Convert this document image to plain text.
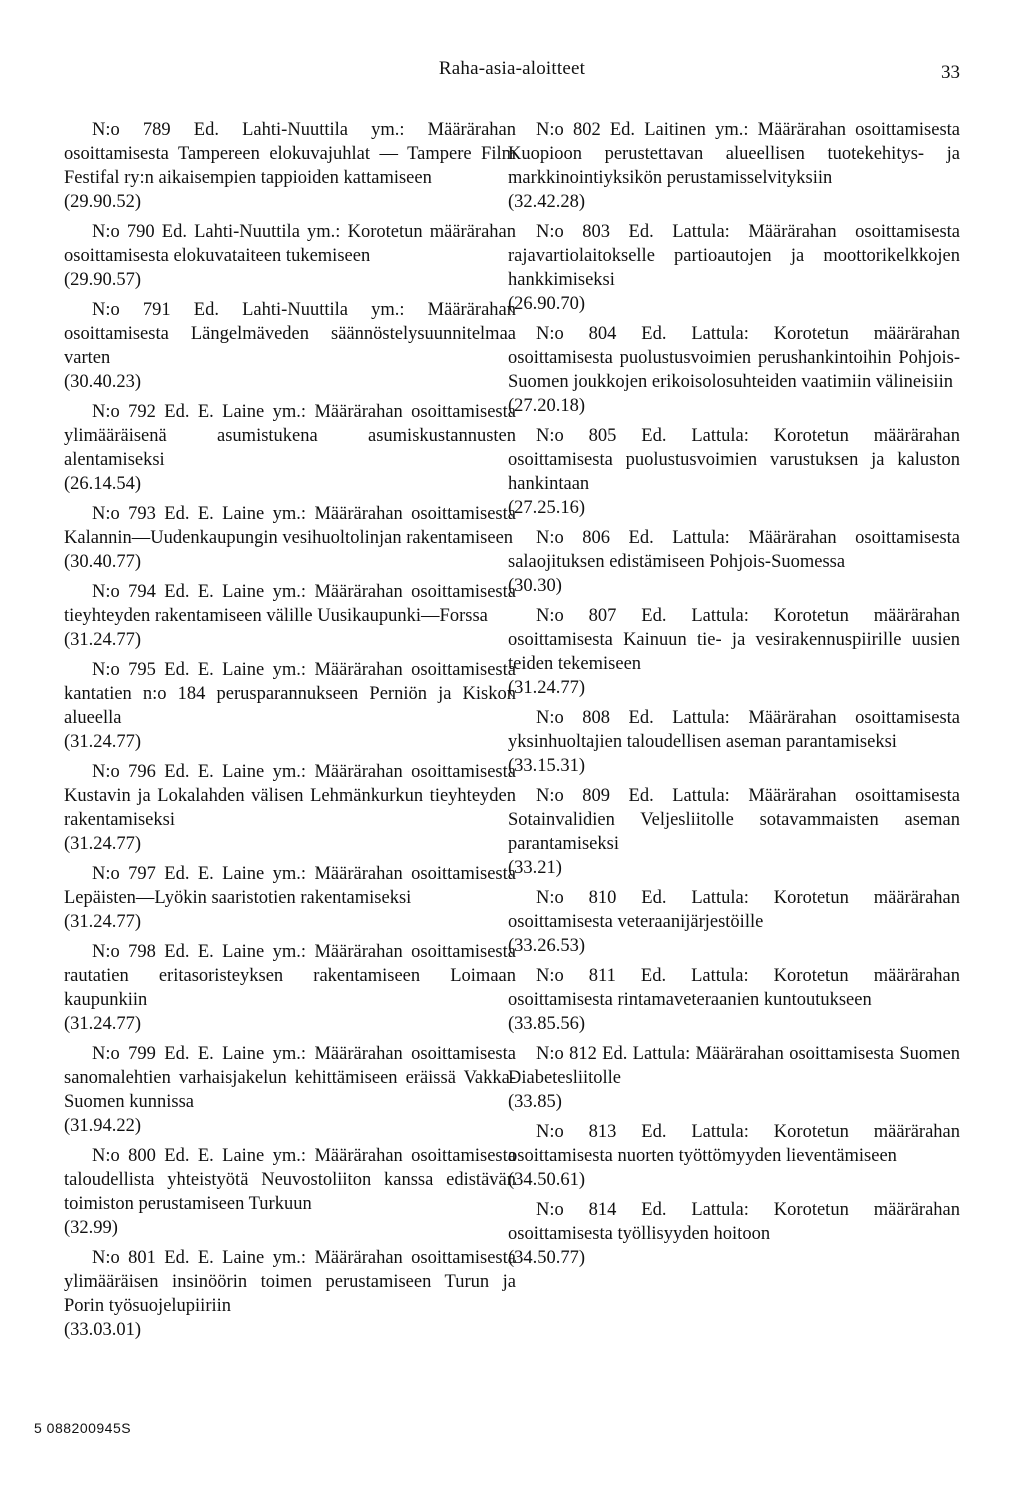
Raha-asia-aloitteet	33
N:o 789 Ed. Lahti-Nuuttila ym.: Määrärahan osoittamisesta Tampereen elokuvajuhlat — Tampere Film Festifal ry:n aikaisempien tappioiden kattamiseen
(29.90.52)
N:o 790 Ed. Lahti-Nuuttila ym.: Korotetun määrärahan osoittamisesta elokuvataiteen tukemiseen
(29.90.57)
N:o 791 Ed. Lahti-Nuuttila ym.: Määrärahan osoittamisesta Längelmäveden säännöstelysuunnitelmaa varten
(30.40.23)
N:o 792 Ed. E. Laine ym.: Määrärahan osoittamisesta ylimääräisenä asumistukena asumiskustannusten alentamiseksi
(26.14.54)
N:o 793 Ed. E. Laine ym.: Määrärahan osoittamisesta Kalannin—Uudenkaupungin vesihuoltolinjan rakentamiseen
(30.40.77)
N:o 794 Ed. E. Laine ym.: Määrärahan osoittamisesta tieyhteyden rakentamiseen välille Uusikaupunki—Forssa
(31.24.77)
N:o 795 Ed. E. Laine ym.: Määrärahan osoittamisesta kantatien n:o 184 perusparannukseen Perniön ja Kiskon alueella
(31.24.77)
N:o 796 Ed. E. Laine ym.: Määrärahan osoittamisesta Kustavin ja Lokalahden välisen Lehmänkurkun tieyhteyden rakentamiseksi
(31.24.77)
N:o 797 Ed. E. Laine ym.: Määrärahan osoittamisesta Lepäisten—Lyökin saaristotien rakentamiseksi
(31.24.77)
N:o 798 Ed. E. Laine ym.: Määrärahan osoittamisesta rautatien eritasoristeyksen rakentamiseen Loimaan kaupunkiin
(31.24.77)
N:o 799 Ed. E. Laine ym.: Määrärahan osoittamisesta sanomalehtien varhaisjakelun kehittämiseen eräissä Vakka-Suomen kunnissa
(31.94.22)
N:o 800 Ed. E. Laine ym.: Määrärahan osoittamisesta taloudellista yhteistyötä Neuvostoliiton kanssa edistävän toimiston perustamiseen Turkuun
(32.99)
N:o 801 Ed. E. Laine ym.: Määrärahan osoittamisesta ylimääräisen insinöörin toimen perustamiseen Turun ja Porin työsuojelupiiriin
(33.03.01)
N:o 802 Ed. Laitinen ym.: Määrärahan osoittamisesta Kuopioon perustettavan alueellisen tuotekehitys- ja markkinointiyksikön perustamisselvityksiin
(32.42.28)
N:o 803 Ed. Lattula: Määrärahan osoittamisesta rajavartiolaitokselle partioautojen ja moottorikelkkojen hankkimiseksi
(26.90.70)
N:o 804 Ed. Lattula: Korotetun määrärahan osoittamisesta puolustusvoimien perushankintoihin Pohjois-Suomen joukkojen erikoisolosuhteiden vaatimiin välineisiin
(27.20.18)
N:o 805 Ed. Lattula: Korotetun määrärahan osoittamisesta puolustusvoimien varustuksen ja kaluston hankintaan
(27.25.16)
N:o 806 Ed. Lattula: Määrärahan osoittamisesta salaojituksen edistämiseen Pohjois-Suomessa
(30.30)
N:o 807 Ed. Lattula: Korotetun määrärahan osoittamisesta Kainuun tie- ja vesirakennuspiirille uusien teiden tekemiseen
(31.24.77)
N:o 808 Ed. Lattula: Määrärahan osoittamisesta yksinhuoltajien taloudellisen aseman parantamiseksi
(33.15.31)
N:o 809 Ed. Lattula: Määrärahan osoittamisesta Sotainvalidien Veljesliitolle sotavammaisten aseman parantamiseksi
(33.21)
N:o 810 Ed. Lattula: Korotetun määrärahan osoittamisesta veteraanijärjestöille
(33.26.53)
N:o 811 Ed. Lattula: Korotetun määrärahan osoittamisesta rintamaveteraanien kuntoutukseen
(33.85.56)
N:o 812 Ed. Lattula: Määrärahan osoittamisesta Suomen Diabetesliitolle
(33.85)
N:o 813 Ed. Lattula: Korotetun määrärahan osoittamisesta nuorten työttömyyden lieventämiseen
(34.50.61)
N:o 814 Ed. Lattula: Korotetun määrärahan osoittamisesta työllisyyden hoitoon
(34.50.77)
5 088200945S
